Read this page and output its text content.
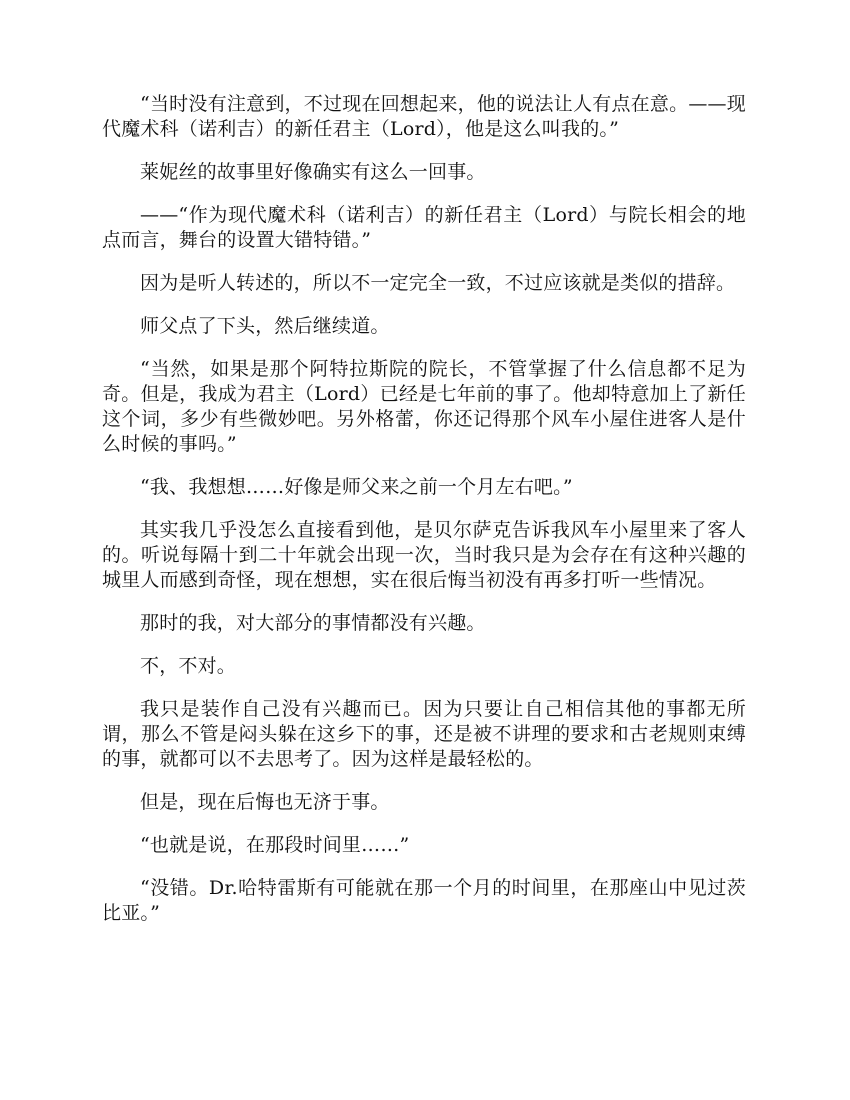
“当时没有注意到，不过现在回想起来，他的说法让人有点在意。——现代魔术科（诺利吉）的新任君主（Lord），他是这么叫我的。”

莱妮丝的故事里好像确实有这么一回事。

——“作为现代魔术科（诺利吉）的新任君主（Lord）与院长相会的地点而言，舞台的设置大错特错。”

因为是听人转述的，所以不一定完全一致，不过应该就是类似的措辞。

师父点了下头，然后继续道。

“当然，如果是那个阿特拉斯院的院长，不管掌握了什么信息都不足为奇。但是，我成为君主（Lord）已经是七年前的事了。他却特意加上了新任这个词，多少有些微妙吧。另外格蕾，你还记得那个风车小屋住进客人是什么时候的事吗。”

“我、我想想……好像是师父来之前一个月左右吧。”

其实我几乎没怎么直接看到他，是贝尔萨克告诉我风车小屋里来了客人的。听说每隔十到二十年就会出现一次，当时我只是为会存在有这种兴趣的城里人而感到奇怪，现在想想，实在很后悔当初没有再多打听一些情况。

那时的我，对大部分的事情都没有兴趣。

不，不对。

我只是装作自己没有兴趣而已。因为只要让自己相信其他的事都无所谓，那么不管是闷头躲在这乡下的事，还是被不讲理的要求和古老规则束缚的事，就都可以不去思考了。因为这样是最轻松的。

但是，现在后悔也无济于事。

“也就是说，在那段时间里……”

“没错。Dr.哈特雷斯有可能就在那一个月的时间里，在那座山中见过茨比亚。”
